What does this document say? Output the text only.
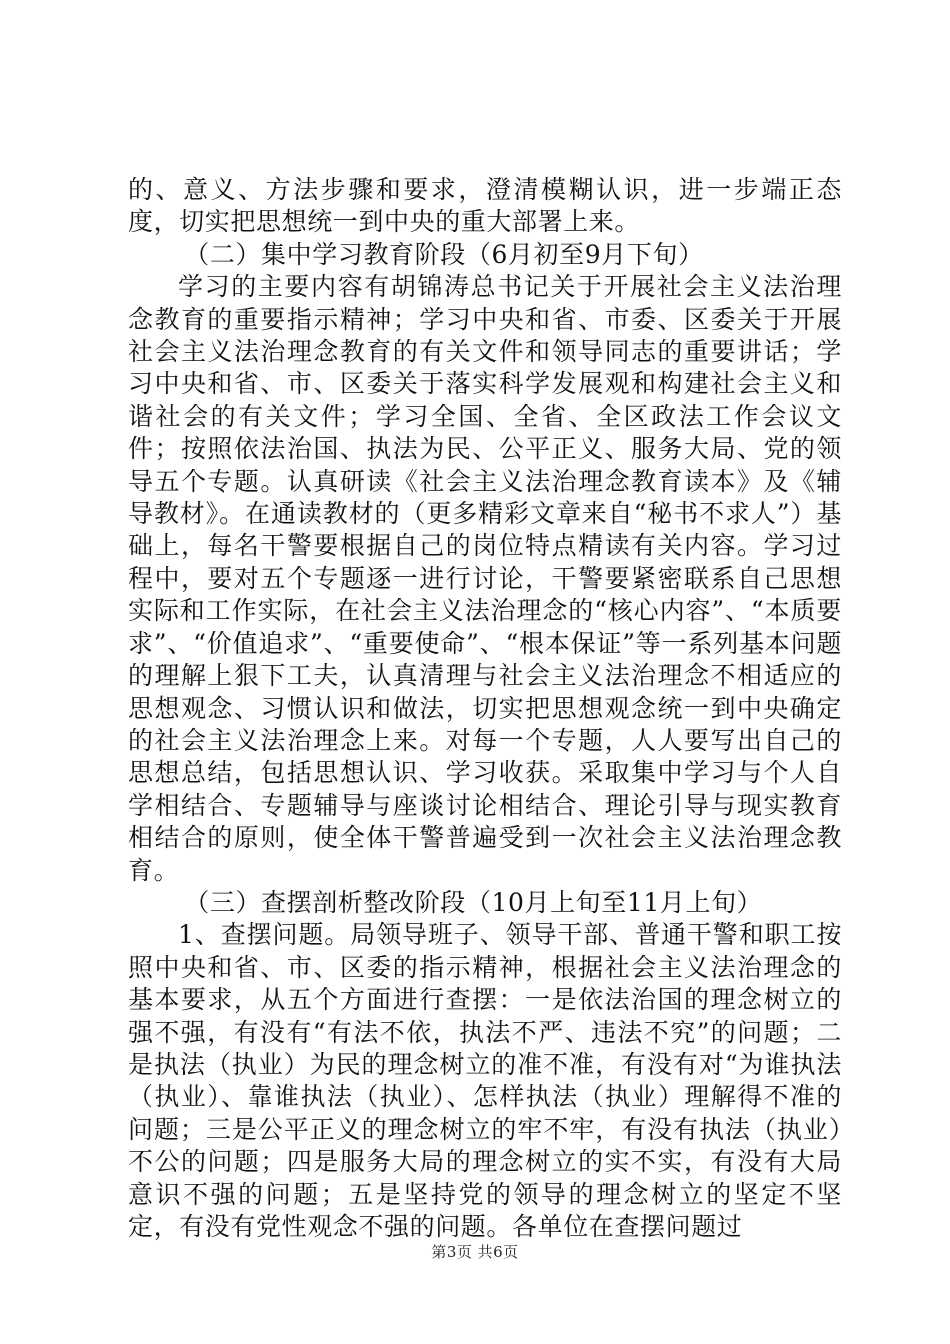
的、意义、方法步骤和要求，澄清模糊认识，进一步端正态度，切实把思想统一到中央的重大部署上来。

（二）集中学习教育阶段（6月初至9月下旬）

学习的主要内容有胡锦涛总书记关于开展社会主义法治理念教育的重要指示精神；学习中央和省、市委、区委关于开展社会主义法治理念教育的有关文件和领导同志的重要讲话；学习中央和省、市、区委关于落实科学发展观和构建社会主义和谐社会的有关文件；学习全国、全省、全区政法工作会议文件；按照依法治国、执法为民、公平正义、服务大局、党的领导五个专题。认真研读《社会主义法治理念教育读本》及《辅导教材》。在通读教材的（更多精彩文章来自“秘书不求人”）基础上，每名干警要根据自己的岗位特点精读有关内容。学习过程中，要对五个专题逐一进行讨论，干警要紧密联系自己思想实际和工作实际，在社会主义法治理念的“核心内容”、“本质要求”、“价值追求”、“重要使命”、“根本保证”等一系列基本问题的理解上狠下工夫，认真清理与社会主义法治理念不相适应的思想观念、习惯认识和做法，切实把思想观念统一到中央确定的社会主义法治理念上来。对每一个专题，人人要写出自己的思想总结，包括思想认识、学习收获。采取集中学习与个人自学相结合、专题辅导与座谈讨论相结合、理论引导与现实教育相结合的原则，使全体干警普遍受到一次社会主义法治理念教育。

（三）查摆剖析整改阶段（10月上旬至11月上旬）

1、查摆问题。局领导班子、领导干部、普通干警和职工按照中央和省、市、区委的指示精神，根据社会主义法治理念的基本要求，从五个方面进行查摆：一是依法治国的理念树立的强不强，有没有“有法不依，执法不严、违法不究”的问题；二是执法（执业）为民的理念树立的准不准，有没有对“为谁执法（执业）、靠谁执法（执业）、怎样执法（执业）理解得不准的问题；三是公平正义的理念树立的牢不牢，有没有执法（执业）不公的问题；四是服务大局的理念树立的实不实，有没有大局意识不强的问题；五是坚持党的领导的理念树立的坚定不坚定，有没有党性观念不强的问题。各单位在查摆问题过

第3页 共6页
